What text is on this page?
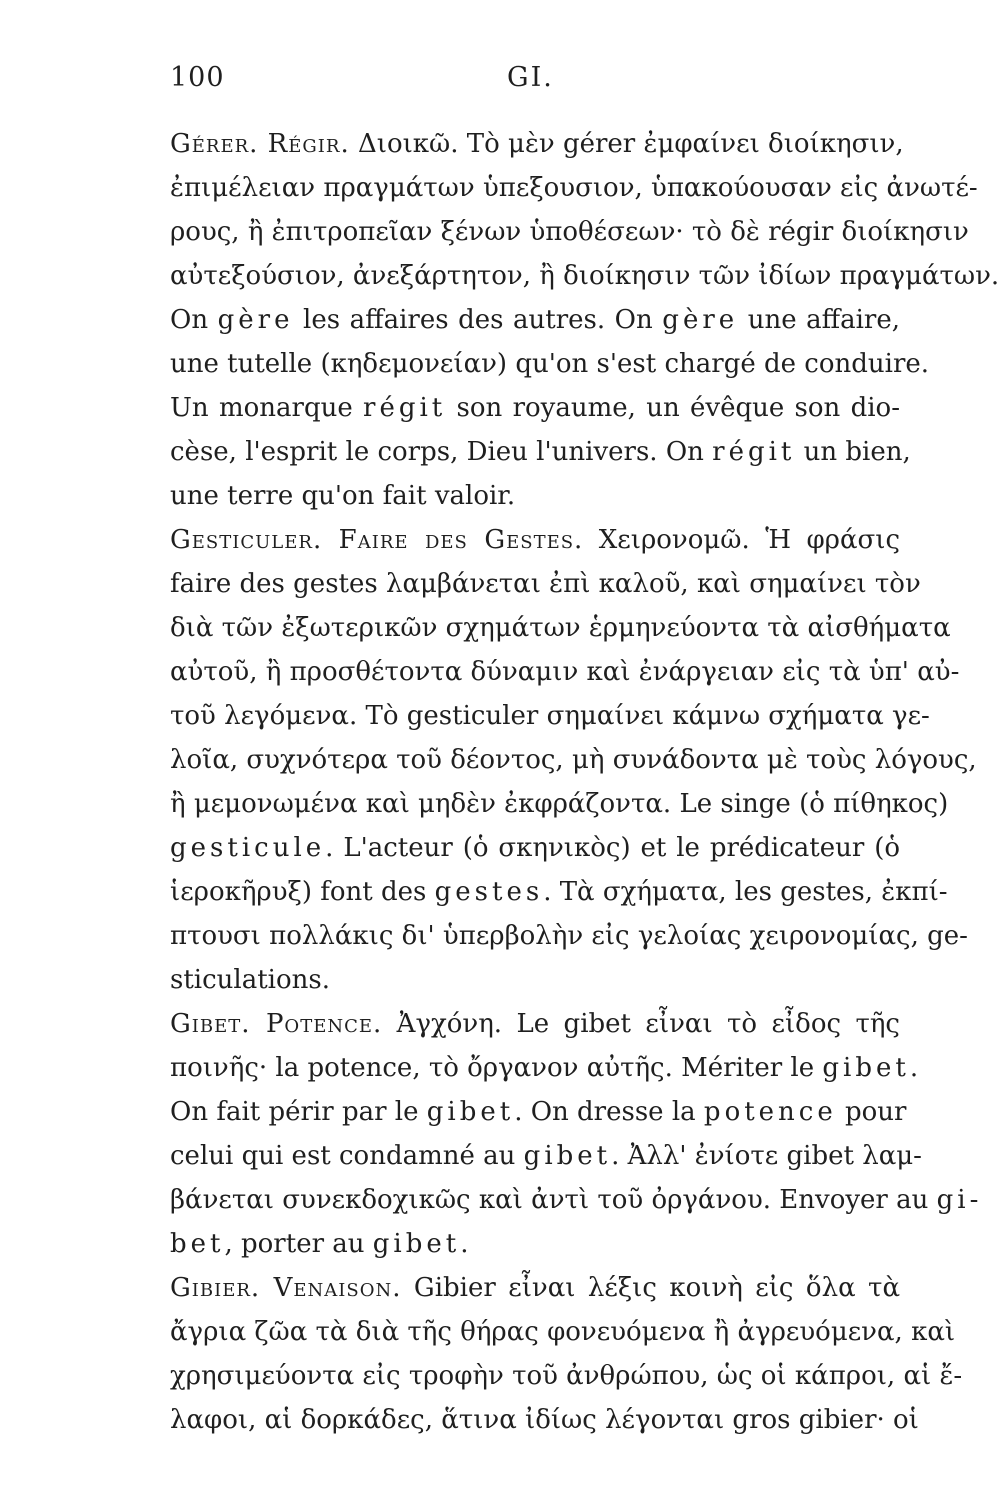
100	GI.

Gérer. Régir. Διοικῶ. Τὸ μὲν gérer ἐμφαίνει διοίκησιν,
ἐπιμέλειαν πραγμάτων ὑπεξουσιον, ὑπακούουσαν εἰς ἀνωτέ-
ρους, ἢ ἐπιτροπεῖαν ξένων ὑποθέσεων· τὸ δὲ régir διοίκησιν
αὐτεξούσιον, ἀνεξάρτητον, ἢ διοίκησιν τῶν ἰδίων πραγμάτων.
On gère les affaires des autres. On gère une affaire,
une tutelle (κηδεμονείαν) qu'on s'est chargé de conduire.
Un monarque régit son royaume, un évêque son dio-
cèse, l'esprit le corps, Dieu l'univers. On régit un bien,
une terre qu'on fait valoir.

Gesticuler. Faire des Gestes. Χειρονομῶ. Ἡ φράσις
faire des gestes λαμβάνεται ἐπὶ καλοῦ, καὶ σημαίνει τὸν
διὰ τῶν ἐξωτερικῶν σχημάτων ἑρμηνεύοντα τὰ αἰσθήματα
αὐτοῦ, ἢ προσθέτοντα δύναμιν καὶ ἐνάργειαν εἰς τὰ ὑπ' αὐ-
τοῦ λεγόμενα. Τὸ gesticuler σημαίνει κάμνω σχήματα γε-
λοῖα, συχνότερα τοῦ δέοντος, μὴ συνάδοντα μὲ τοὺς λόγους,
ἢ μεμονωμένα καὶ μηδὲν ἐκφράζοντα. Le singe (ὁ πίθηκος)
gesticule. L'acteur (ὁ σκηνικὸς) et le prédicateur (ὁ
ἱεροκῆρυξ) font des gestes. Τὰ σχήματα, les gestes, ἐκπί-
πτουσι πολλάκις δι' ὑπερβολὴν εἰς γελοίας χειρονομίας, ge-
sticulations.

Gibet. Potence. Ἀγχόνη. Le gibet εἶναι τὸ εἶδος τῆς
ποινῆς· la potence, τὸ ὄργανον αὐτῆς. Mériter le gibet.
On fait périr par le gibet. On dresse la potence pour
celui qui est condamné au gibet. Ἀλλ' ἐνίοτε gibet λαμ-
βάνεται συνεκδοχικῶς καὶ ἀντὶ τοῦ ὀργάνου. Envoyer au gi-
bet, porter au gibet.

Gibier. Venaison. Gibier εἶναι λέξις κοινὴ εἰς ὅλα τὰ
ἄγρια ζῶα τὰ διὰ τῆς θήρας φονευόμενα ἢ ἀγρευόμενα, καὶ
χρησιμεύοντα εἰς τροφὴν τοῦ ἀνθρώπου, ὡς οἱ κάπροι, αἱ ἔ-
λαφοι, αἱ δορκάδες, ἅτινα ἰδίως λέγονται gros gibier· οἱ
